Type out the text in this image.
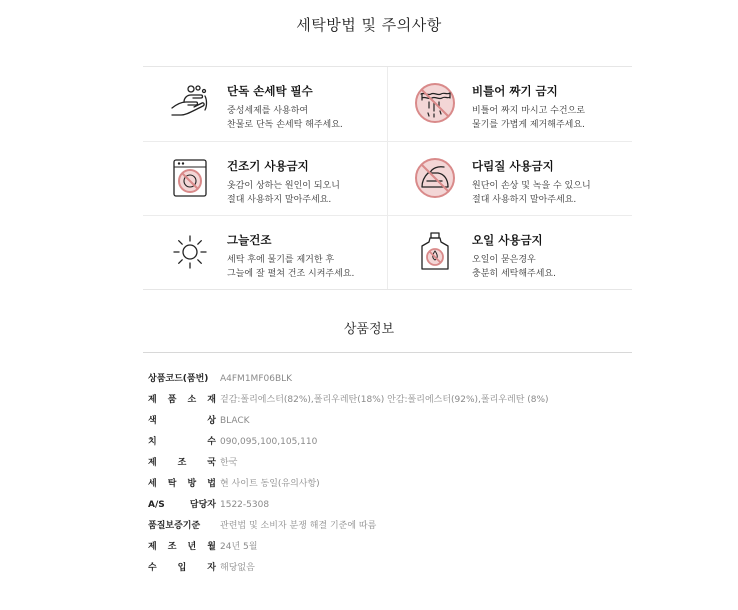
세탁방법 및 주의사항
단독 손세탁 필수
중성세제를 사용하여
찬물로 단독 손세탁 해주세요.
비틀어 짜기 금지
비틀어 짜지 마시고 수건으로
물기를 가볍게 제거해주세요.
건조기 사용금지
옷감이 상하는 원인이 되오니
절대 사용하지 말아주세요.
다림질 사용금지
원단이 손상 및 녹을 수 있으니
절대 사용하지 말아주세요.
그늘건조
세탁 후에 물기를 제거한 후
그늘에 잘 펼쳐 건조 시켜주세요.
오일 사용금지
오일이 묻은경우
충분히 세탁해주세요.
상품정보
상품코드(품번)	A4FM1MF06BLK
제 품 소 재 겉감:폴리에스터(82%),폴리우레탄(18%) 안감:폴리에스터(92%),폴리우레탄 (8%)
색 상 BLACK
치 수 090,095,100,105,110
제 조 국 한국
세 탁 방 법 현 사이트 동일(유의사항)
A/S 담당자 1522-5308
품질보증기준	관련법 및 소비자 분쟁 해결 기준에 따름
제 조 년 월 24년 5월
수 입 자 해당없음
